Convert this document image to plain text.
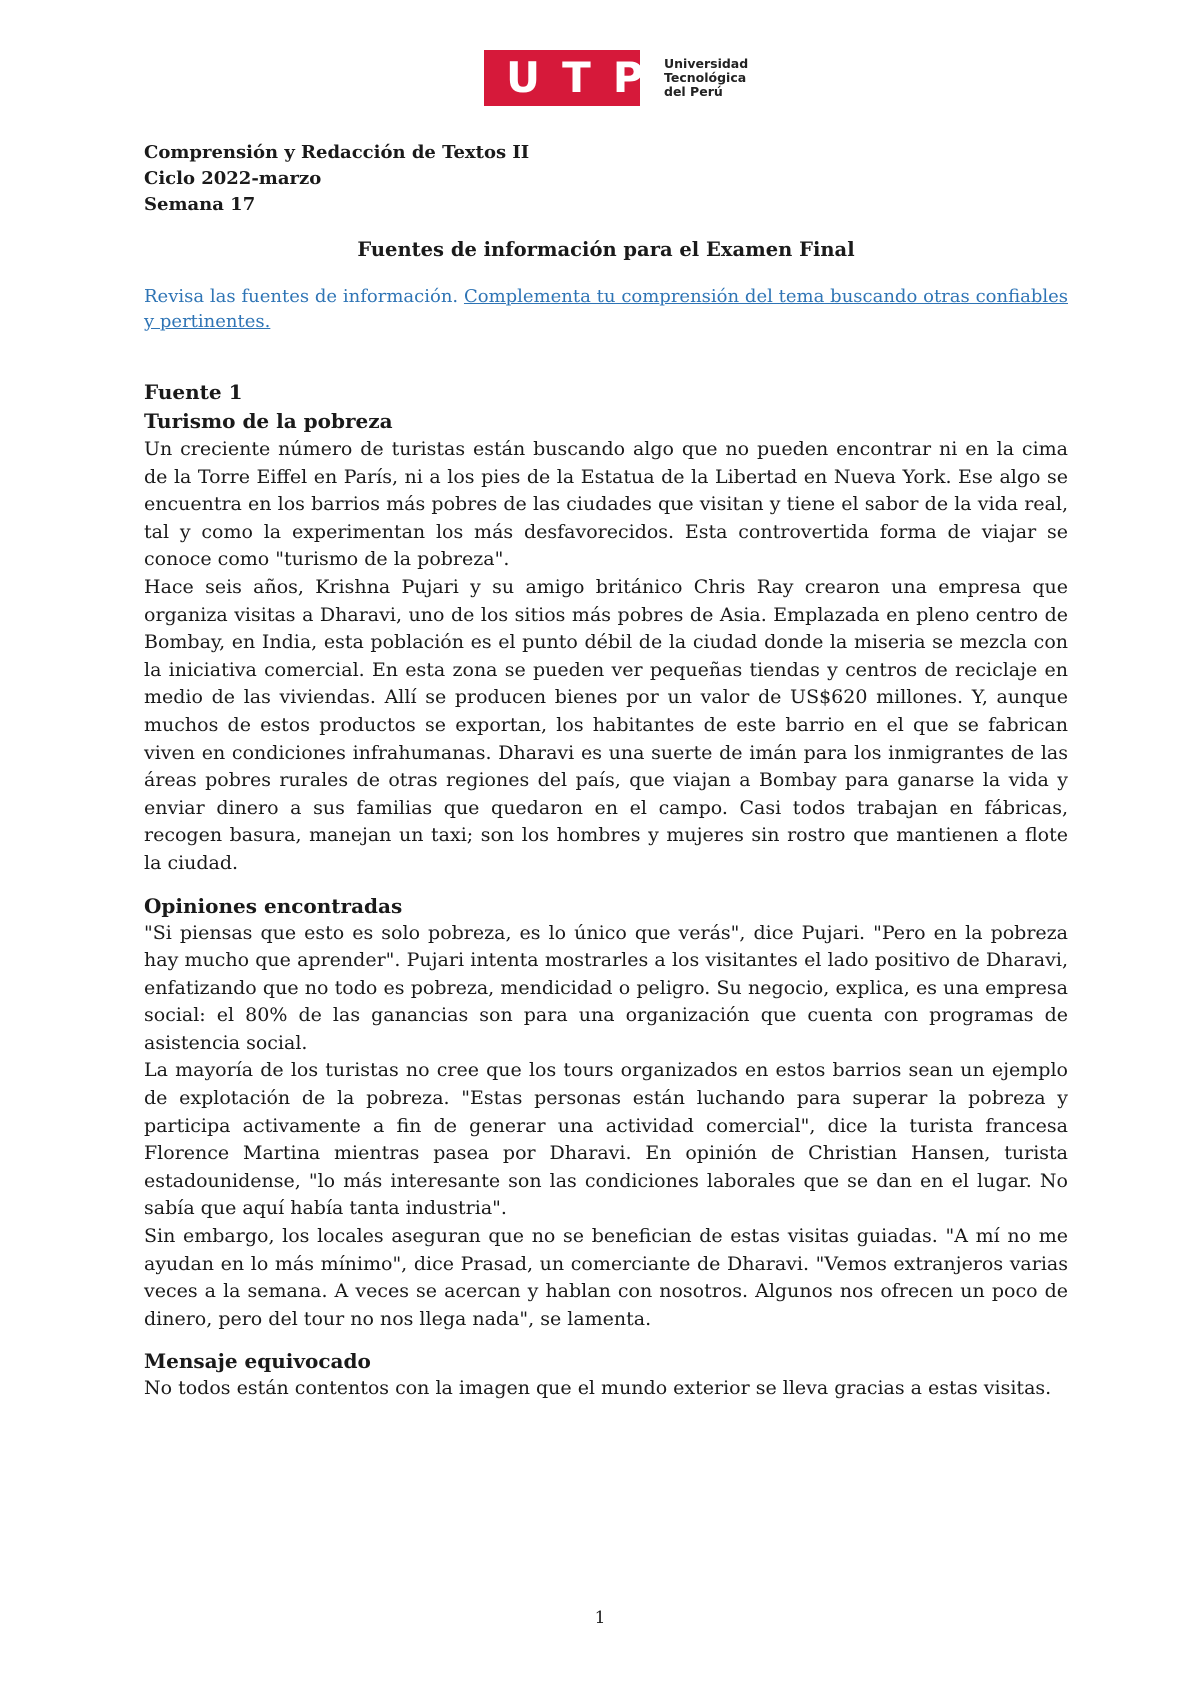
UTP
Universidad
Tecnológica
del Perú
Comprensión y Redacción de Textos II
Ciclo 2022-marzo
Semana 17
Fuentes de información para el Examen Final
Revisa las fuentes de información. Complementa tu comprensión del tema buscando otras confiables y pertinentes.
Fuente 1
Turismo de la pobreza

Un creciente número de turistas están buscando algo que no pueden encontrar ni en la cima de la Torre Eiffel en París, ni a los pies de la Estatua de la Libertad en Nueva York. Ese algo se encuentra en los barrios más pobres de las ciudades que visitan y tiene el sabor de la vida real, tal y como la experimentan los más desfavorecidos. Esta controvertida forma de viajar se conoce como "turismo de la pobreza".

Hace seis años, Krishna Pujari y su amigo británico Chris Ray crearon una empresa que organiza visitas a Dharavi, uno de los sitios más pobres de Asia. Emplazada en pleno centro de Bombay, en India, esta población es el punto débil de la ciudad donde la miseria se mezcla con la iniciativa comercial. En esta zona se pueden ver pequeñas tiendas y centros de reciclaje en medio de las viviendas. Allí se producen bienes por un valor de US$620 millones. Y, aunque muchos de estos productos se exportan, los habitantes de este barrio en el que se fabrican viven en condiciones infrahumanas. Dharavi es una suerte de imán para los inmigrantes de las áreas pobres rurales de otras regiones del país, que viajan a Bombay para ganarse la vida y enviar dinero a sus familias que quedaron en el campo. Casi todos trabajan en fábricas, recogen basura, manejan un taxi; son los hombres y mujeres sin rostro que mantienen a flote la ciudad.

Opiniones encontradas

"Si piensas que esto es solo pobreza, es lo único que verás", dice Pujari. "Pero en la pobreza hay mucho que aprender". Pujari intenta mostrarles a los visitantes el lado positivo de Dharavi, enfatizando que no todo es pobreza, mendicidad o peligro. Su negocio, explica, es una empresa social: el 80% de las ganancias son para una organización que cuenta con programas de asistencia social.

La mayoría de los turistas no cree que los tours organizados en estos barrios sean un ejemplo de explotación de la pobreza. "Estas personas están luchando para superar la pobreza y participa activamente a fin de generar una actividad comercial", dice la turista francesa Florence Martina mientras pasea por Dharavi. En opinión de Christian Hansen, turista estadounidense, "lo más interesante son las condiciones laborales que se dan en el lugar. No sabía que aquí había tanta industria".

Sin embargo, los locales aseguran que no se benefician de estas visitas guiadas. "A mí no me ayudan en lo más mínimo", dice Prasad, un comerciante de Dharavi. "Vemos extranjeros varias veces a la semana. A veces se acercan y hablan con nosotros. Algunos nos ofrecen un poco de dinero, pero del tour no nos llega nada", se lamenta.

Mensaje equivocado

No todos están contentos con la imagen que el mundo exterior se lleva gracias a estas visitas.

1
